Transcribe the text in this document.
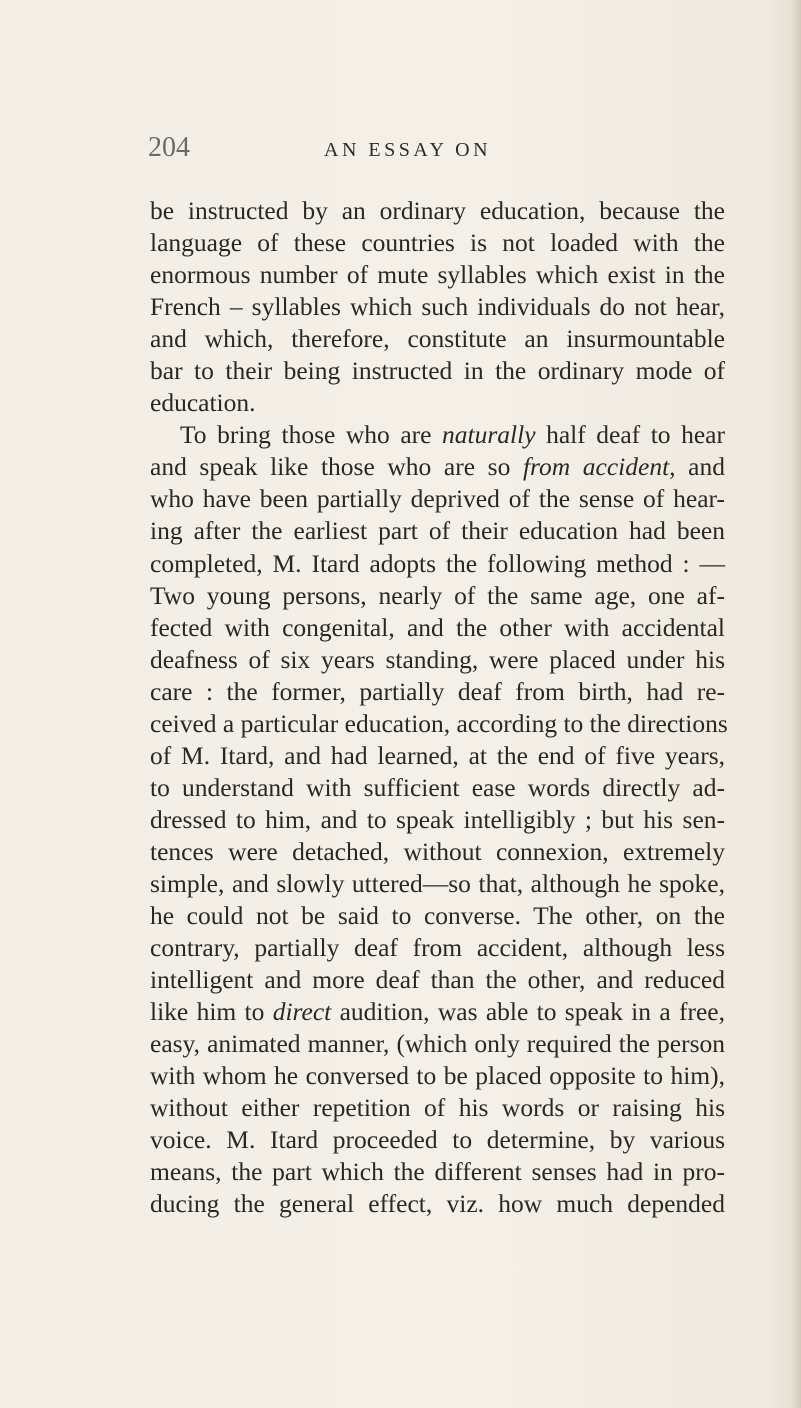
204	AN ESSAY ON
be instructed by an ordinary education, because the
language of these countries is not loaded with the
enormous number of mute syllables which exist in the
French – syllables which such individuals do not hear,
and which, therefore, constitute an insurmountable
bar to their being instructed in the ordinary mode of
education.
To bring those who are naturally half deaf to hear
and speak like those who are so from accident, and
who have been partially deprived of the sense of hear-
ing after the earliest part of their education had been
completed, M. Itard adopts the following method : —
Two young persons, nearly of the same age, one af-
fected with congenital, and the other with accidental
deafness of six years standing, were placed under his
care : the former, partially deaf from birth, had re-
ceived a particular education, according to the directions
of M. Itard, and had learned, at the end of five years,
to understand with sufficient ease words directly ad-
dressed to him, and to speak intelligibly ; but his sen-
tences were detached, without connexion, extremely
simple, and slowly uttered—so that, although he spoke,
he could not be said to converse. The other, on the
contrary, partially deaf from accident, although less
intelligent and more deaf than the other, and reduced
like him to direct audition, was able to speak in a free,
easy, animated manner, (which only required the person
with whom he conversed to be placed opposite to him),
without either repetition of his words or raising his
voice. M. Itard proceeded to determine, by various
means, the part which the different senses had in pro-
ducing the general effect, viz. how much depended
